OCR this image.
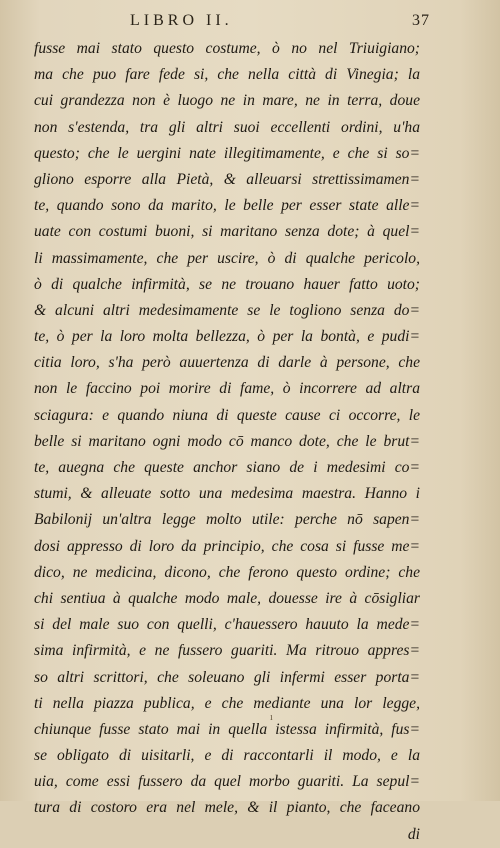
LIBRO II.	37
fusse mai stato questo costume, ò no nel Triuigiano;
ma che puo fare fede si, che nella città di Vinegia; la
cui grandezza non è luogo ne in mare, ne in terra, doue
non s'estenda, tra gli altri suoi eccellenti ordini, u'ha
questo; che le uergini nate illegitimamente, e che si so=
gliono esporre alla Pietà, & alleuarsi strettissimamen=
te, quando sono da marito, le belle per esser state alle=
uate con costumi buoni, si maritano senza dote; à quel=
li massimamente, che per uscire, ò di qualche pericolo,
ò di qualche infirmità, se ne trouano hauer fatto uoto;
& alcuni altri medesimamente se le togliono senza do=
te, ò per la loro molta bellezza, ò per la bontà, e pudi=
citia loro, s'ha però auuertenza di darle à persone, che
non le faccino poi morire di fame, ò incorrere ad altra
sciagura: e quando niuna di queste cause ci occorre, le
belle si maritano ogni modo cō manco dote, che le brut=
te, auegna che queste anchor siano de i medesimi co=
stumi, & alleuate sotto una medesima maestra. Hanno i
Babilonij un'altra legge molto utile: perche nō sapen=
dosi appresso di loro da principio, che cosa si fusse me=
dico, ne medicina, dicono, che ferono questo ordine; che
chi sentiua à qualche modo male, douesse ire à cōsigliar
si del male suo con quelli, c'hauessero hauuto la mede=
sima infirmità, e ne fussero guariti. Ma ritrouo appres=
so altri scrittori, che soleuano gli infermi esser porta=
ti nella piazza publica, e che mediante una lor legge,
chiunque fusse stato mai in quella istessa infirmità, fus=
se obligato di uisitarli, e di raccontarli il modo, e la
uia, come essi fussero da quel morbo guariti. La sepul=
tura di costoro era nel mele, & il pianto, che faceano
di
ı
